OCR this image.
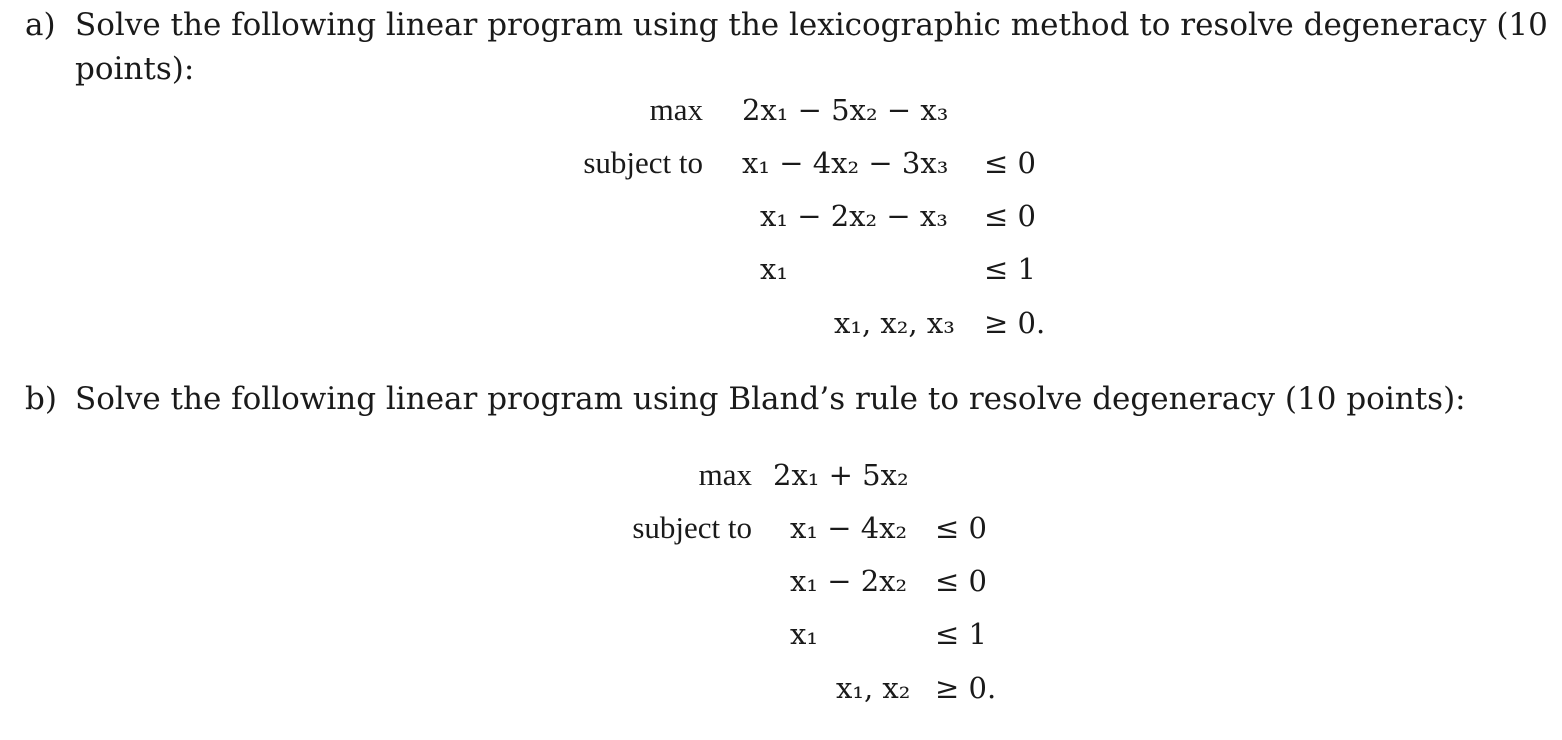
a) Solve the following linear program using the lexicographic method to resolve degeneracy (10
points):
max 2x₁ − 5x₂ − x₃
subject to x₁ − 4x₂ − 3x₃ ≤ 0
x₁ − 2x₂ − x₃ ≤ 0
x₁	≤ 1
x₁, x₂, x₃ ≥ 0.
b) Solve the following linear program using Bland’s rule to resolve degeneracy (10 points):
max 2x₁ + 5x₂
subject to x₁ − 4x₂ ≤ 0
x₁ − 2x₂ ≤ 0
x₁	≤ 1
x₁, x₂ ≥ 0.
